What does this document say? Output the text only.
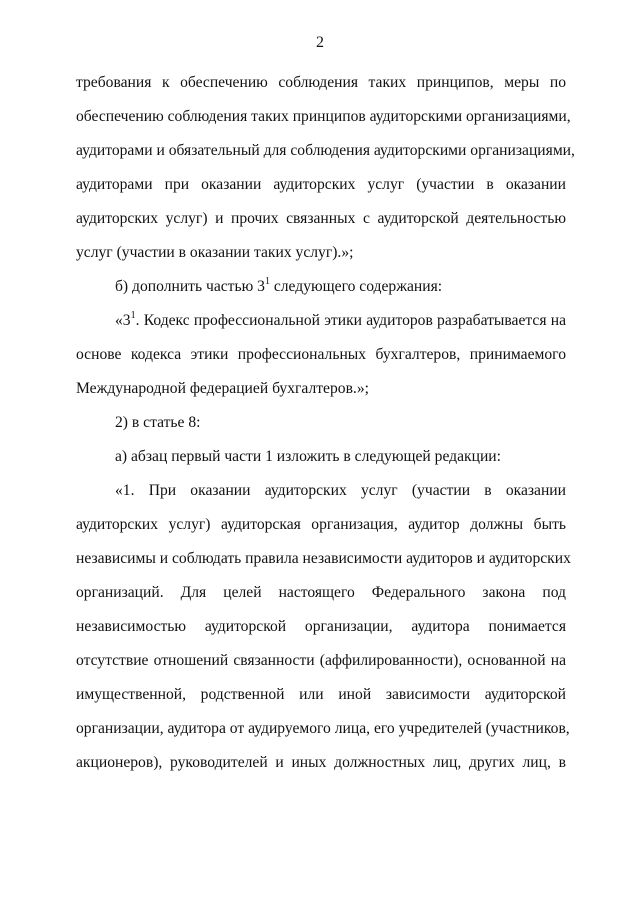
2
требования к обеспечению соблюдения таких принципов, меры по
обеспечению соблюдения таких принципов аудиторскими организациями,
аудиторами и обязательный для соблюдения аудиторскими организациями,
аудиторами при оказании аудиторских услуг (участии в оказании
аудиторских услуг) и прочих связанных с аудиторской деятельностью
услуг (участии в оказании таких услуг).»;
б) дополнить частью $3^1$ следующего содержания:
«$3^1$. Кодекс профессиональной этики аудиторов разрабатывается на
основе кодекса этики профессиональных бухгалтеров, принимаемого
Международной федерацией бухгалтеров.»;
2) в статье 8:
а) абзац первый части 1 изложить в следующей редакции:
«1. При оказании аудиторских услуг (участии в оказании
аудиторских услуг) аудиторская организация, аудитор должны быть
независимы и соблюдать правила независимости аудиторов и аудиторских
организаций. Для целей настоящего Федерального закона под
независимостью аудиторской организации, аудитора понимается
отсутствие отношений связанности (аффилированности), основанной на
имущественной, родственной или иной зависимости аудиторской
организации, аудитора от аудируемого лица, его учредителей (участников,
акционеров), руководителей и иных должностных лиц, других лиц, в
